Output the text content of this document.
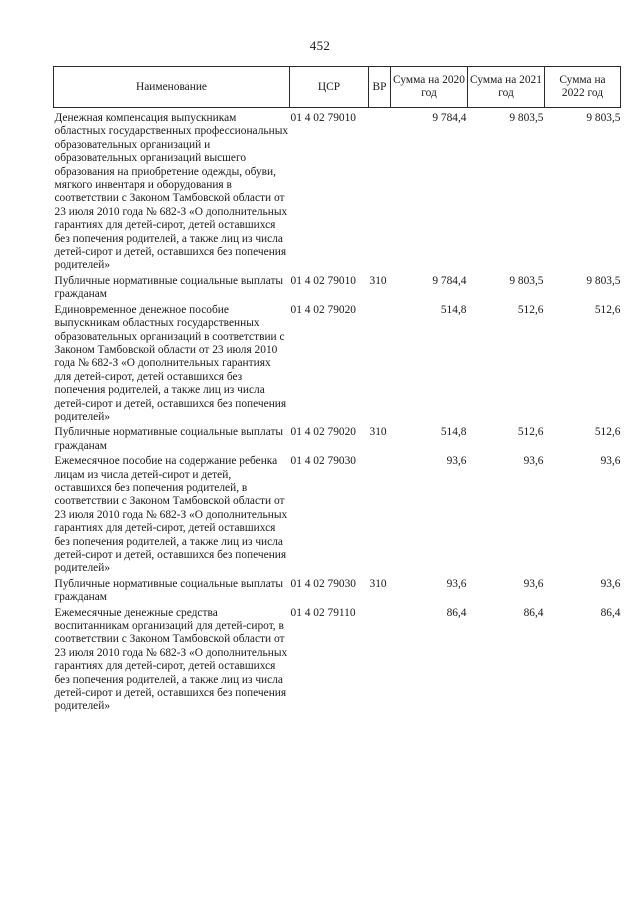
452
Наименование	ЦСР	ВР	Сумма на 2020 год	Сумма на 2021 год	Сумма на 2022 год
Денежная компенсация выпускникам областных государственных профессиональных образовательных организаций и образовательных организаций высшего образования на приобретение одежды, обуви, мягкого инвентаря и оборудования в соответствии с Законом Тамбовской области от 23 июля 2010 года № 682-З «О дополнительных гарантиях для детей-сирот, детей оставшихся без попечения родителей, а также лиц из числа детей-сирот и детей, оставшихся без попечения родителей»	01 4 02 79010		9 784,4	9 803,5	9 803,5
Публичные нормативные социальные выплаты гражданам	01 4 02 79010	310	9 784,4	9 803,5	9 803,5
Единовременное денежное пособие выпускникам областных государственных образовательных организаций в соответствии с Законом Тамбовской области от 23 июля 2010 года № 682-З «О дополнительных гарантиях для детей-сирот, детей оставшихся без попечения родителей, а также лиц из числа детей-сирот и детей, оставшихся без попечения родителей»	01 4 02 79020		514,8	512,6	512,6
Публичные нормативные социальные выплаты гражданам	01 4 02 79020	310	514,8	512,6	512,6
Ежемесячное пособие на содержание ребенка лицам из числа детей-сирот и детей, оставшихся без попечения родителей, в соответствии с Законом Тамбовской области от 23 июля 2010 года № 682-З «О дополнительных гарантиях для детей-сирот, детей оставшихся без попечения родителей, а также лиц из числа детей-сирот и детей, оставшихся без попечения родителей»	01 4 02 79030		93,6	93,6	93,6
Публичные нормативные социальные выплаты гражданам	01 4 02 79030	310	93,6	93,6	93,6
Ежемесячные денежные средства воспитанникам организаций для детей-сирот, в соответствии с Законом Тамбовской области от 23 июля 2010 года № 682-З «О дополнительных гарантиях для детей-сирот, детей оставшихся без попечения родителей, а также лиц из числа детей-сирот и детей, оставшихся без попечения родителей»	01 4 02 79110		86,4	86,4	86,4
